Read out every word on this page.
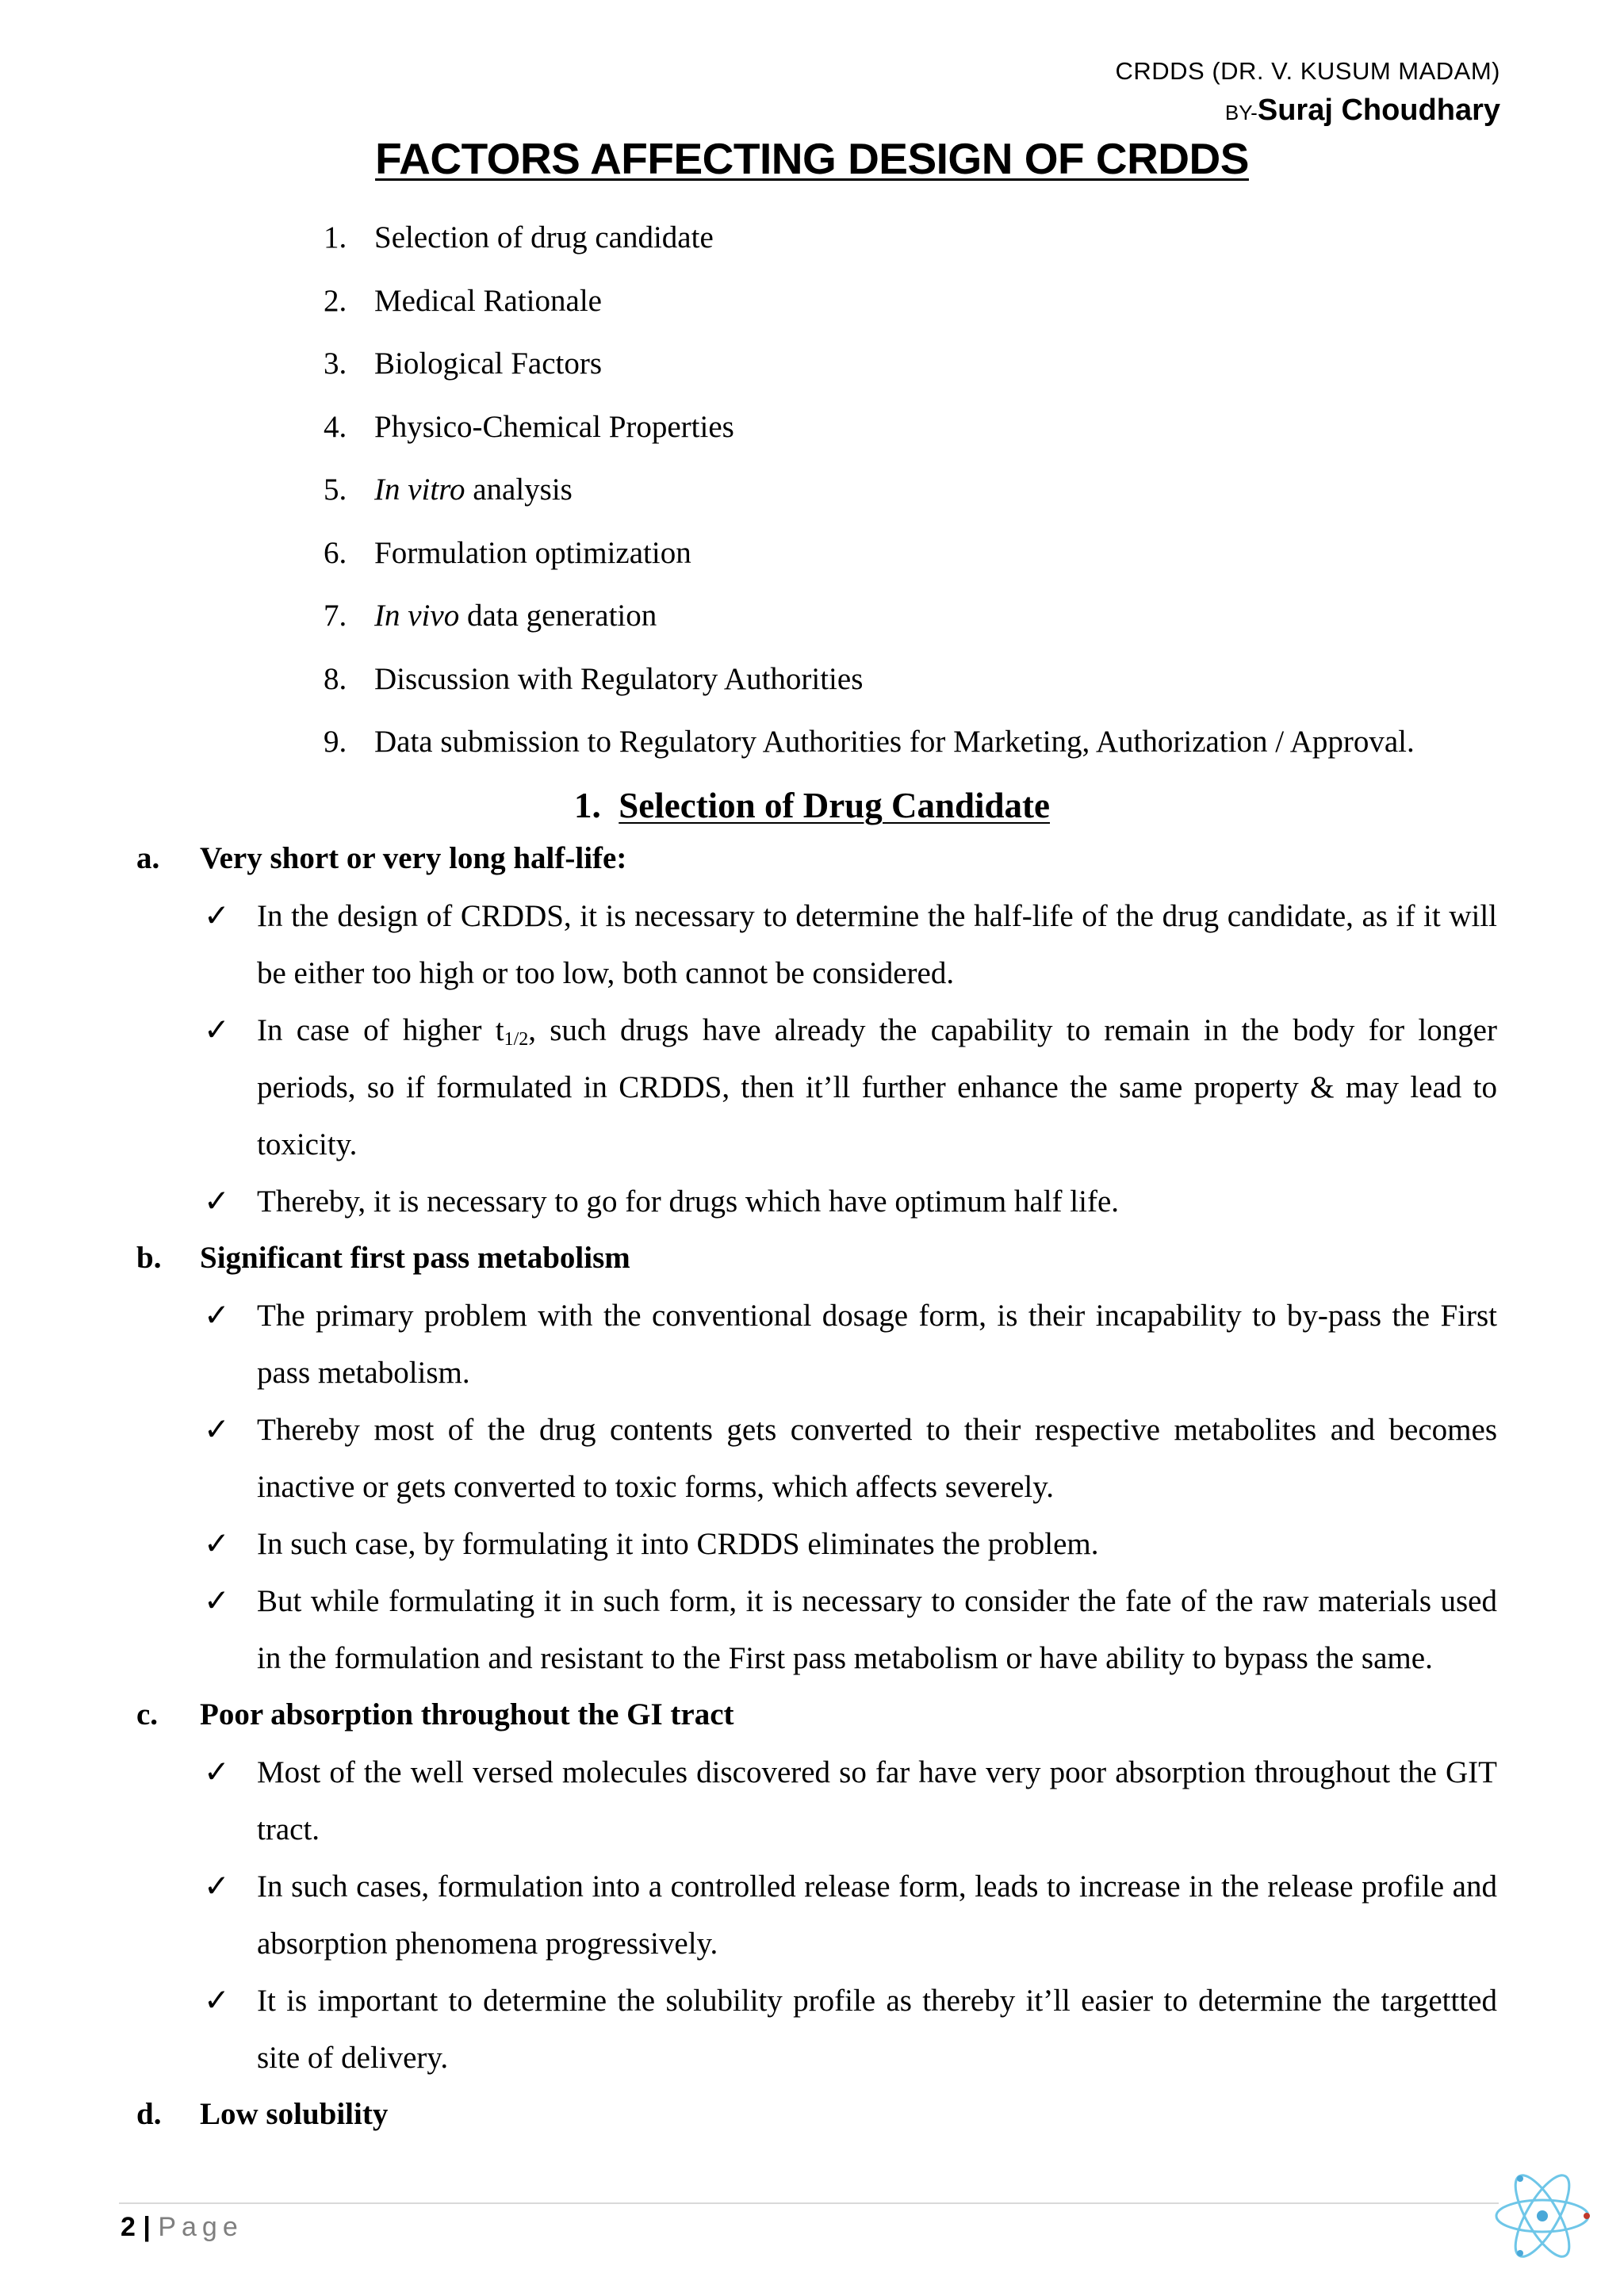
CRDDS (DR. V. KUSUM MADAM)
BY-Suraj Choudhary
FACTORS AFFECTING DESIGN OF CRDDS
1. Selection of drug candidate
2. Medical Rationale
3. Biological Factors
4. Physico-Chemical Properties
5. In vitro analysis
6. Formulation optimization
7. In vivo data generation
8. Discussion with Regulatory Authorities
9. Data submission to Regulatory Authorities for Marketing, Authorization / Approval.
1. Selection of Drug Candidate
a. Very short or very long half-life:
✓ In the design of CRDDS, it is necessary to determine the half-life of the drug candidate, as if it will be either too high or too low, both cannot be considered.
✓ In case of higher $t_{1/2}$, such drugs have already the capability to remain in the body for longer periods, so if formulated in CRDDS, then it’ll further enhance the same property & may lead to toxicity.
✓ Thereby, it is necessary to go for drugs which have optimum half life.
b. Significant first pass metabolism
✓ The primary problem with the conventional dosage form, is their incapability to by-pass the First pass metabolism.
✓ Thereby most of the drug contents gets converted to their respective metabolites and becomes inactive or gets converted to toxic forms, which affects severely.
✓ In such case, by formulating it into CRDDS eliminates the problem.
✓ But while formulating it in such form, it is necessary to consider the fate of the raw materials used in the formulation and resistant to the First pass metabolism or have ability to bypass the same.
c. Poor absorption throughout the GI tract
✓ Most of the well versed molecules discovered so far have very poor absorption throughout the GIT tract.
✓ In such cases, formulation into a controlled release form, leads to increase in the release profile and absorption phenomena progressively.
✓ It is important to determine the solubility profile as thereby it’ll easier to determine the targettted site of delivery.
d. Low solubility
2 | Page
